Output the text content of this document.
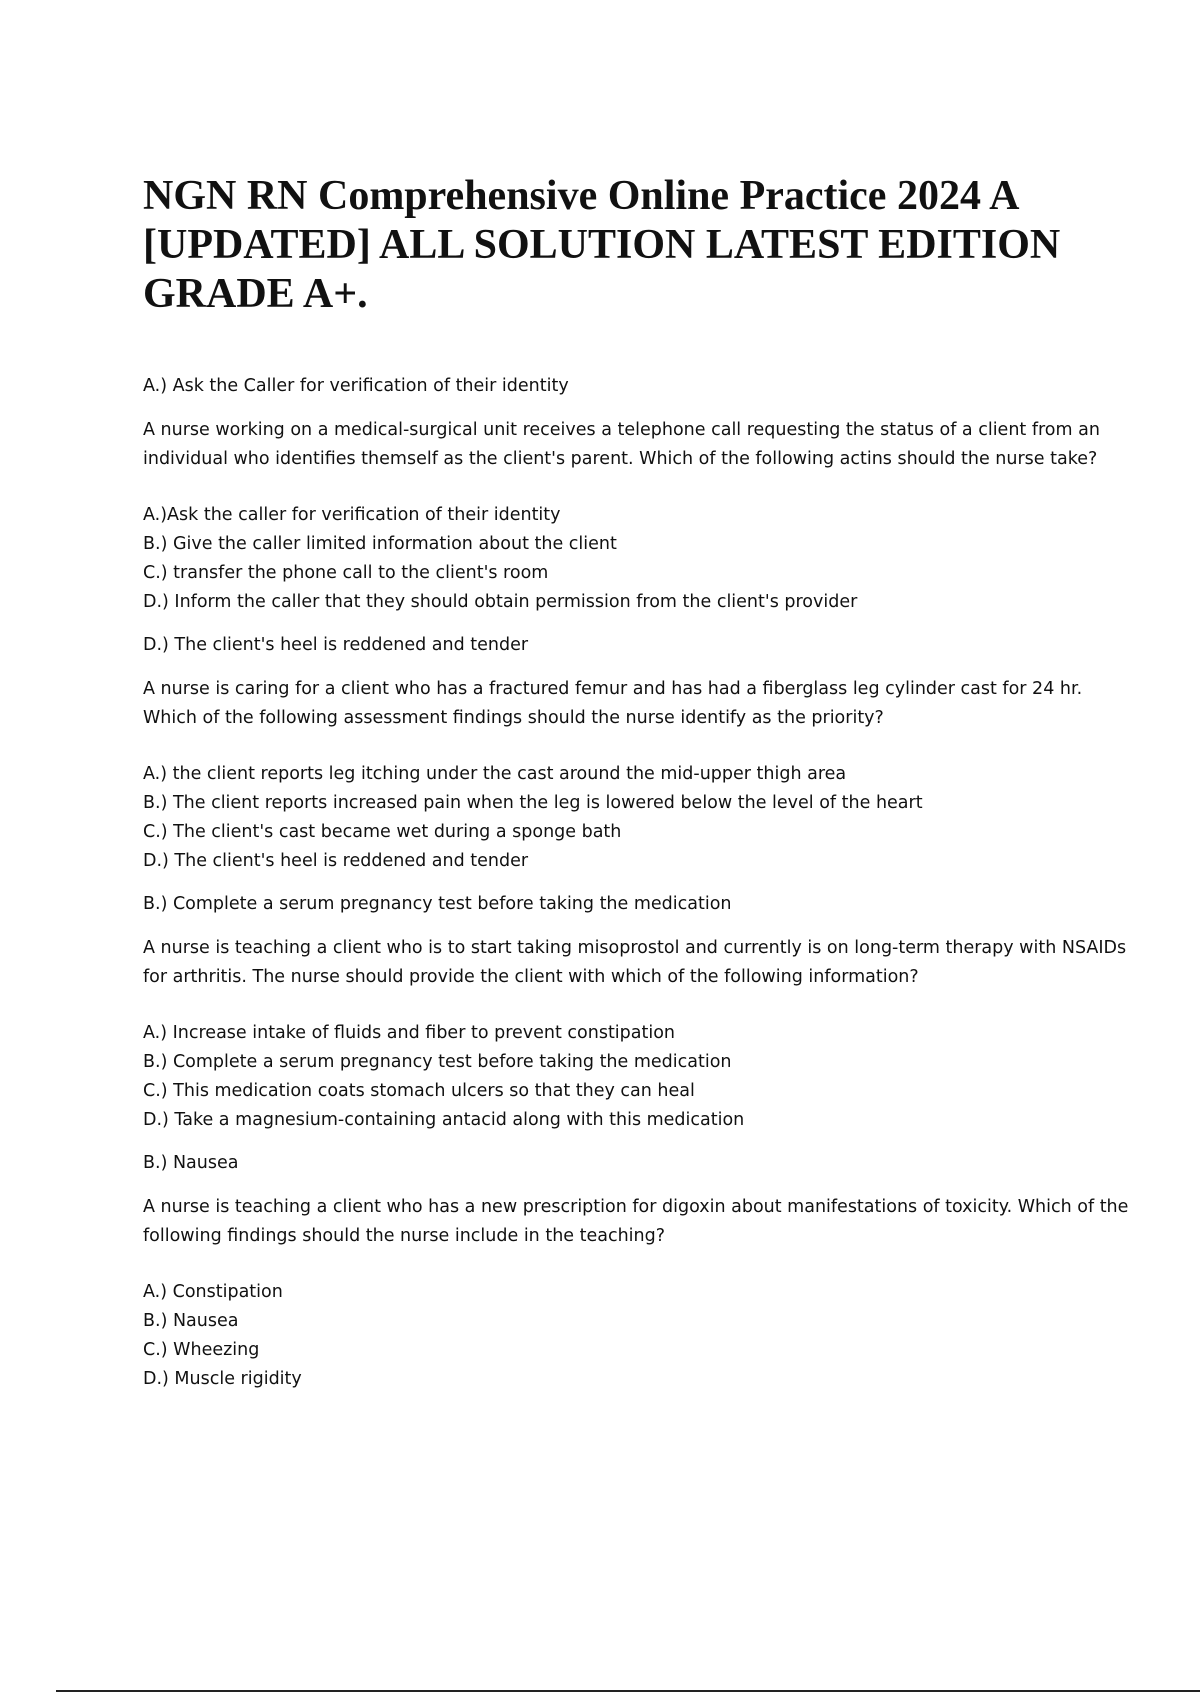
NGN RN Comprehensive Online Practice 2024 A [UPDATED] ALL SOLUTION LATEST EDITION GRADE A+.

A.) Ask the Caller for verification of their identity

A nurse working on a medical-surgical unit receives a telephone call requesting the status of a client from an individual who identifies themself as the client's parent. Which of the following actins should the nurse take?

A.)Ask the caller for verification of their identity
B.) Give the caller limited information about the client
C.) transfer the phone call to the client's room
D.) Inform the caller that they should obtain permission from the client's provider

D.) The client's heel is reddened and tender

A nurse is caring for a client who has a fractured femur and has had a fiberglass leg cylinder cast for 24 hr. Which of the following assessment findings should the nurse identify as the priority?

A.) the client reports leg itching under the cast around the mid-upper thigh area
B.) The client reports increased pain when the leg is lowered below the level of the heart
C.) The client's cast became wet during a sponge bath
D.) The client's heel is reddened and tender

B.) Complete a serum pregnancy test before taking the medication

A nurse is teaching a client who is to start taking misoprostol and currently is on long-term therapy with NSAIDs for arthritis. The nurse should provide the client with which of the following information?

A.) Increase intake of fluids and fiber to prevent constipation
B.) Complete a serum pregnancy test before taking the medication
C.) This medication coats stomach ulcers so that they can heal
D.) Take a magnesium-containing antacid along with this medication

B.) Nausea

A nurse is teaching a client who has a new prescription for digoxin about manifestations of toxicity. Which of the following findings should the nurse include in the teaching?

A.) Constipation
B.) Nausea
C.) Wheezing
D.) Muscle rigidity
